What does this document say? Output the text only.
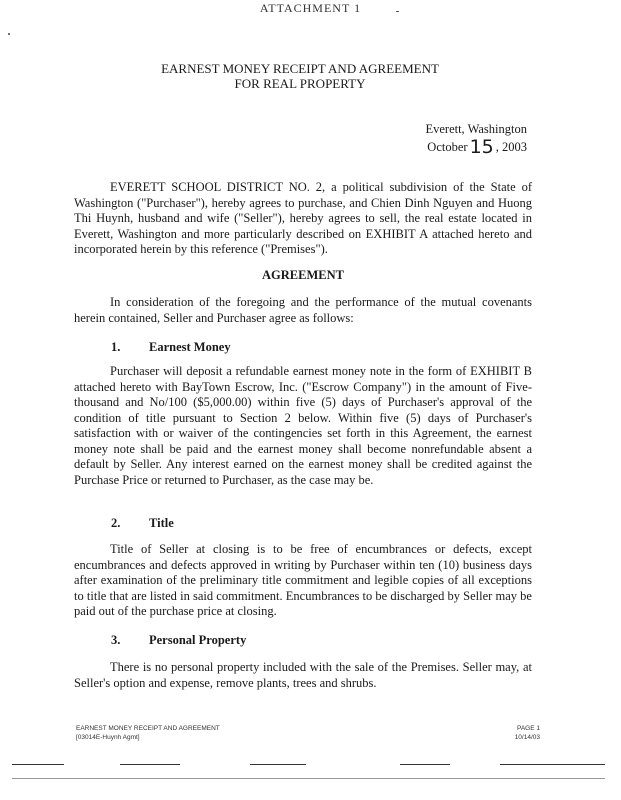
ATTACHMENT 1
EARNEST MONEY RECEIPT AND AGREEMENT
FOR REAL PROPERTY
Everett, Washington
October 15 , 2003

EVERETT SCHOOL DISTRICT NO. 2, a political subdivision of the State of Washington ("Purchaser"), hereby agrees to purchase, and Chien Dinh Nguyen and Huong Thi Huynh, husband and wife ("Seller"), hereby agrees to sell, the real estate located in Everett, Washington and more particularly described on EXHIBIT A attached hereto and incorporated herein by this reference ("Premises").

AGREEMENT

In consideration of the foregoing and the performance of the mutual covenants herein contained, Seller and Purchaser agree as follows:

1. Earnest Money

Purchaser will deposit a refundable earnest money note in the form of EXHIBIT B attached hereto with BayTown Escrow, Inc. ("Escrow Company") in the amount of Five-thousand and No/100 ($5,000.00) within five (5) days of Purchaser's approval of the condition of title pursuant to Section 2 below. Within five (5) days of Purchaser's satisfaction with or waiver of the contingencies set forth in this Agreement, the earnest money note shall be paid and the earnest money shall become nonrefundable absent a default by Seller. Any interest earned on the earnest money shall be credited against the Purchase Price or returned to Purchaser, as the case may be.

2. Title

Title of Seller at closing is to be free of encumbrances or defects, except encumbrances and defects approved in writing by Purchaser within ten (10) business days after examination of the preliminary title commitment and legible copies of all exceptions to title that are listed in said commitment. Encumbrances to be discharged by Seller may be paid out of the purchase price at closing.

3. Personal Property

There is no personal property included with the sale of the Premises. Seller may, at Seller's option and expense, remove plants, trees and shrubs.

EARNEST MONEY RECEIPT AND AGREEMENT
[03014E-Huynh Agmt]
PAGE 1
10/14/03
